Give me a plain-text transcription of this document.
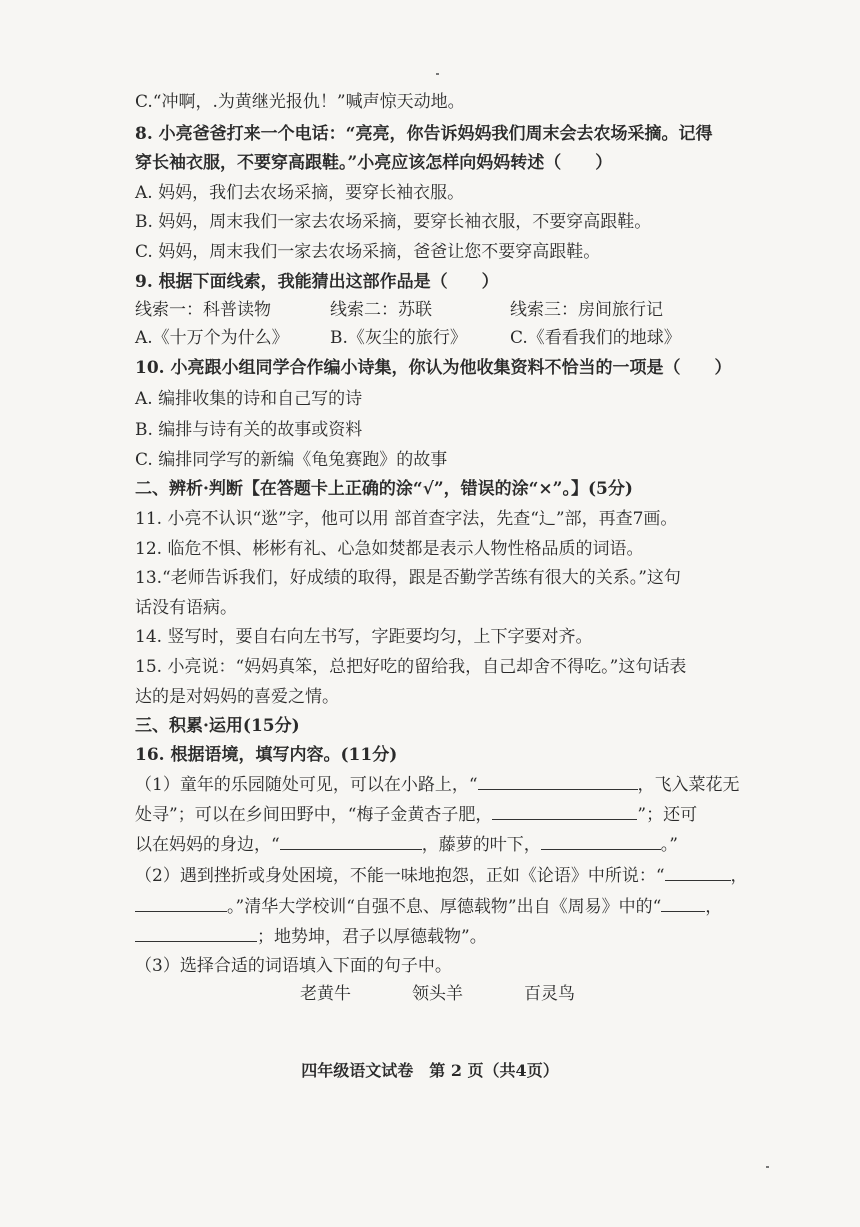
C.“冲啊，.为黄继光报仇！”喊声惊天动地。
8. 小亮爸爸打来一个电话：“亮亮，你告诉妈妈我们周末会去农场采摘。记得
穿长袖衣服，不要穿高跟鞋。”小亮应该怎样向妈妈转述（　　）
A. 妈妈，我们去农场采摘，要穿长袖衣服。
B. 妈妈，周末我们一家去农场采摘，要穿长袖衣服，不要穿高跟鞋。
C. 妈妈，周末我们一家去农场采摘，爸爸让您不要穿高跟鞋。
9. 根据下面线索，我能猜出这部作品是（　　）
线索一：科普读物	线索二：苏联	线索三：房间旅行记
A.《十万个为什么》 B.《灰尘的旅行》	C.《看看我们的地球》
10. 小亮跟小组同学合作编小诗集，你认为他收集资料不恰当的一项是（　　）
A. 编排收集的诗和自己写的诗
B. 编排与诗有关的故事或资料
C. 编排同学写的新编《龟兔赛跑》的故事
二、辨析·判断【在答题卡上正确的涂“√”，错误的涂“×”。】(5分)
11. 小亮不认识“逖”字，他可以用 部首查字法，先查“辶”部，再查7画。
12. 临危不惧、彬彬有礼、心急如焚都是表示人物性格品质的词语。
13.“老师告诉我们，好成绩的取得，跟是否勤学苦练有很大的关系。”这句
话没有语病。
14. 竖写时，要自右向左书写，字距要均匀，上下字要对齐。
15. 小亮说：“妈妈真笨，总把好吃的留给我，自己却舍不得吃。”这句话表
达的是对妈妈的喜爱之情。
三、积累·运用(15分)
16. 根据语境，填写内容。(11分)
（1）童年的乐园随处可见，可以在小路上，“	，飞入菜花无
处寻”；可以在乡间田野中，“梅子金黄杏子肥，	”；还可
以在妈妈的身边，“	，藤萝的叶下，	。”
（2）遇到挫折或身处困境，不能一味地抱怨，正如《论语》中所说：“	，
。”清华大学校训“自强不息、厚德载物”出自《周易》中的“	，
；地势坤，君子以厚德载物”。
（3）选择合适的词语填入下面的句子中。
老黄牛	领头羊	百灵鸟
四年级语文试卷　第 2 页（共4页）
